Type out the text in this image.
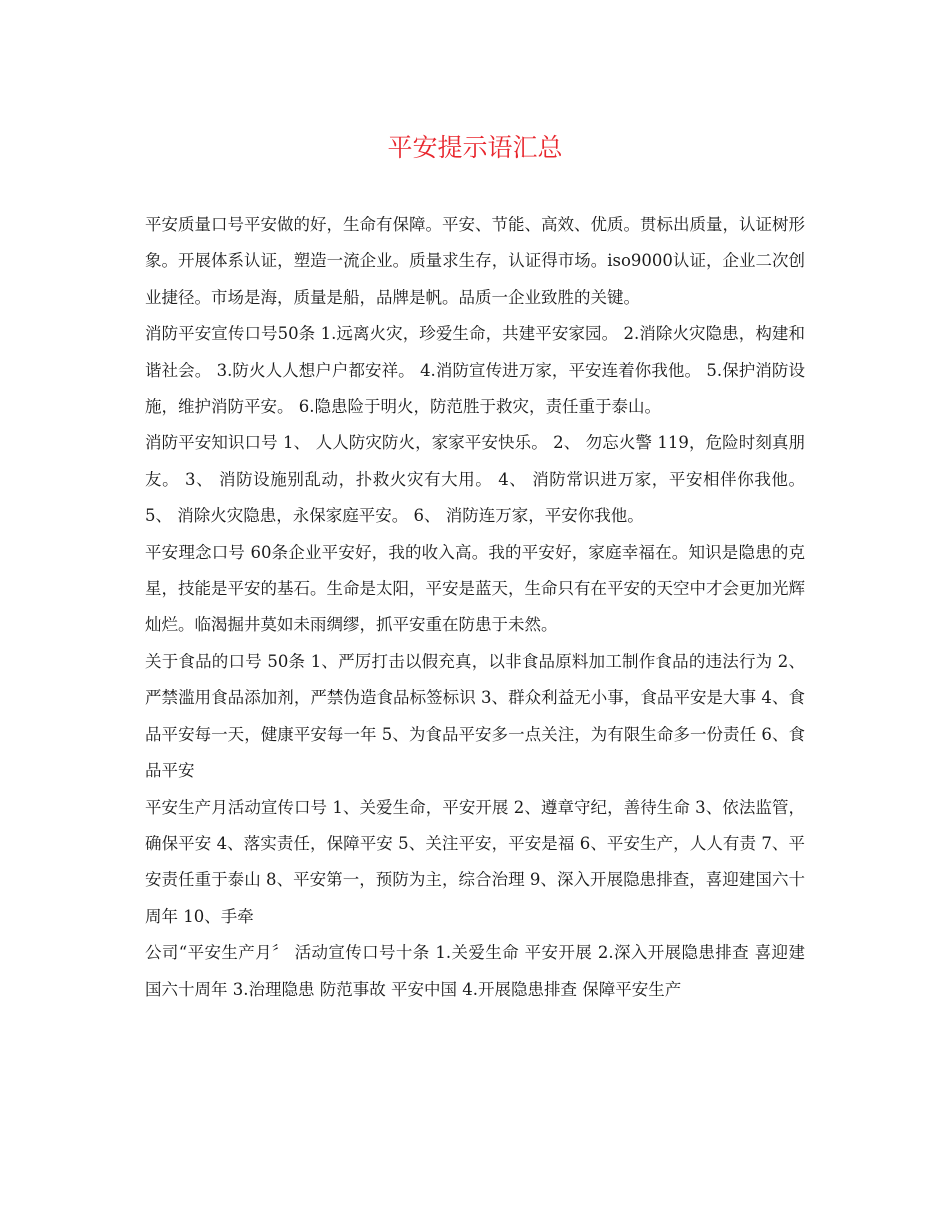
平安提示语汇总

平安质量口号平安做的好，生命有保障。平安、节能、高效、优质。贯标出质量，认证树形象。开展体系认证，塑造一流企业。质量求生存，认证得市场。iso9000认证，企业二次创业捷径。市场是海，质量是船，品牌是帆。品质一企业致胜的关键。

消防平安宣传口号50条 1.远离火灾，珍爱生命，共建平安家园。 2.消除火灾隐患，构建和谐社会。 3.防火人人想户户都安祥。 4.消防宣传进万家，平安连着你我他。 5.保护消防设施，维护消防平安。 6.隐患险于明火，防范胜于救灾，责任重于泰山。

消防平安知识口号 1、 人人防灾防火，家家平安快乐。 2、 勿忘火警 119，危险时刻真朋友。 3、 消防设施别乱动，扑救火灾有大用。 4、 消防常识进万家，平安相伴你我他。 5、 消除火灾隐患，永保家庭平安。 6、 消防连万家，平安你我他。

平安理念口号 60条企业平安好，我的收入高。我的平安好，家庭幸福在。知识是隐患的克星，技能是平安的基石。生命是太阳，平安是蓝天，生命只有在平安的天空中才会更加光辉灿烂。临渴掘井莫如未雨绸缪，抓平安重在防患于未然。

关于食品的口号 50条 1、严厉打击以假充真，以非食品原料加工制作食品的违法行为 2、严禁滥用食品添加剂，严禁伪造食品标签标识 3、群众利益无小事，食品平安是大事 4、食品平安每一天，健康平安每一年 5、为食品平安多一点关注，为有限生命多一份责任 6、食品平安

平安生产月活动宣传口号 1、关爱生命，平安开展 2、遵章守纪，善待生命 3、依法监管，确保平安 4、落实责任，保障平安 5、关注平安，平安是福 6、平安生产，人人有责 7、平安责任重于泰山 8、平安第一，预防为主，综合治理 9、深入开展隐患排查，喜迎建国六十周年 10、手牵

公司“平安生产月〞 活动宣传口号十条 1.关爱生命 平安开展 2.深入开展隐患排查 喜迎建国六十周年 3.治理隐患 防范事故 平安中国 4.开展隐患排查 保障平安生产
